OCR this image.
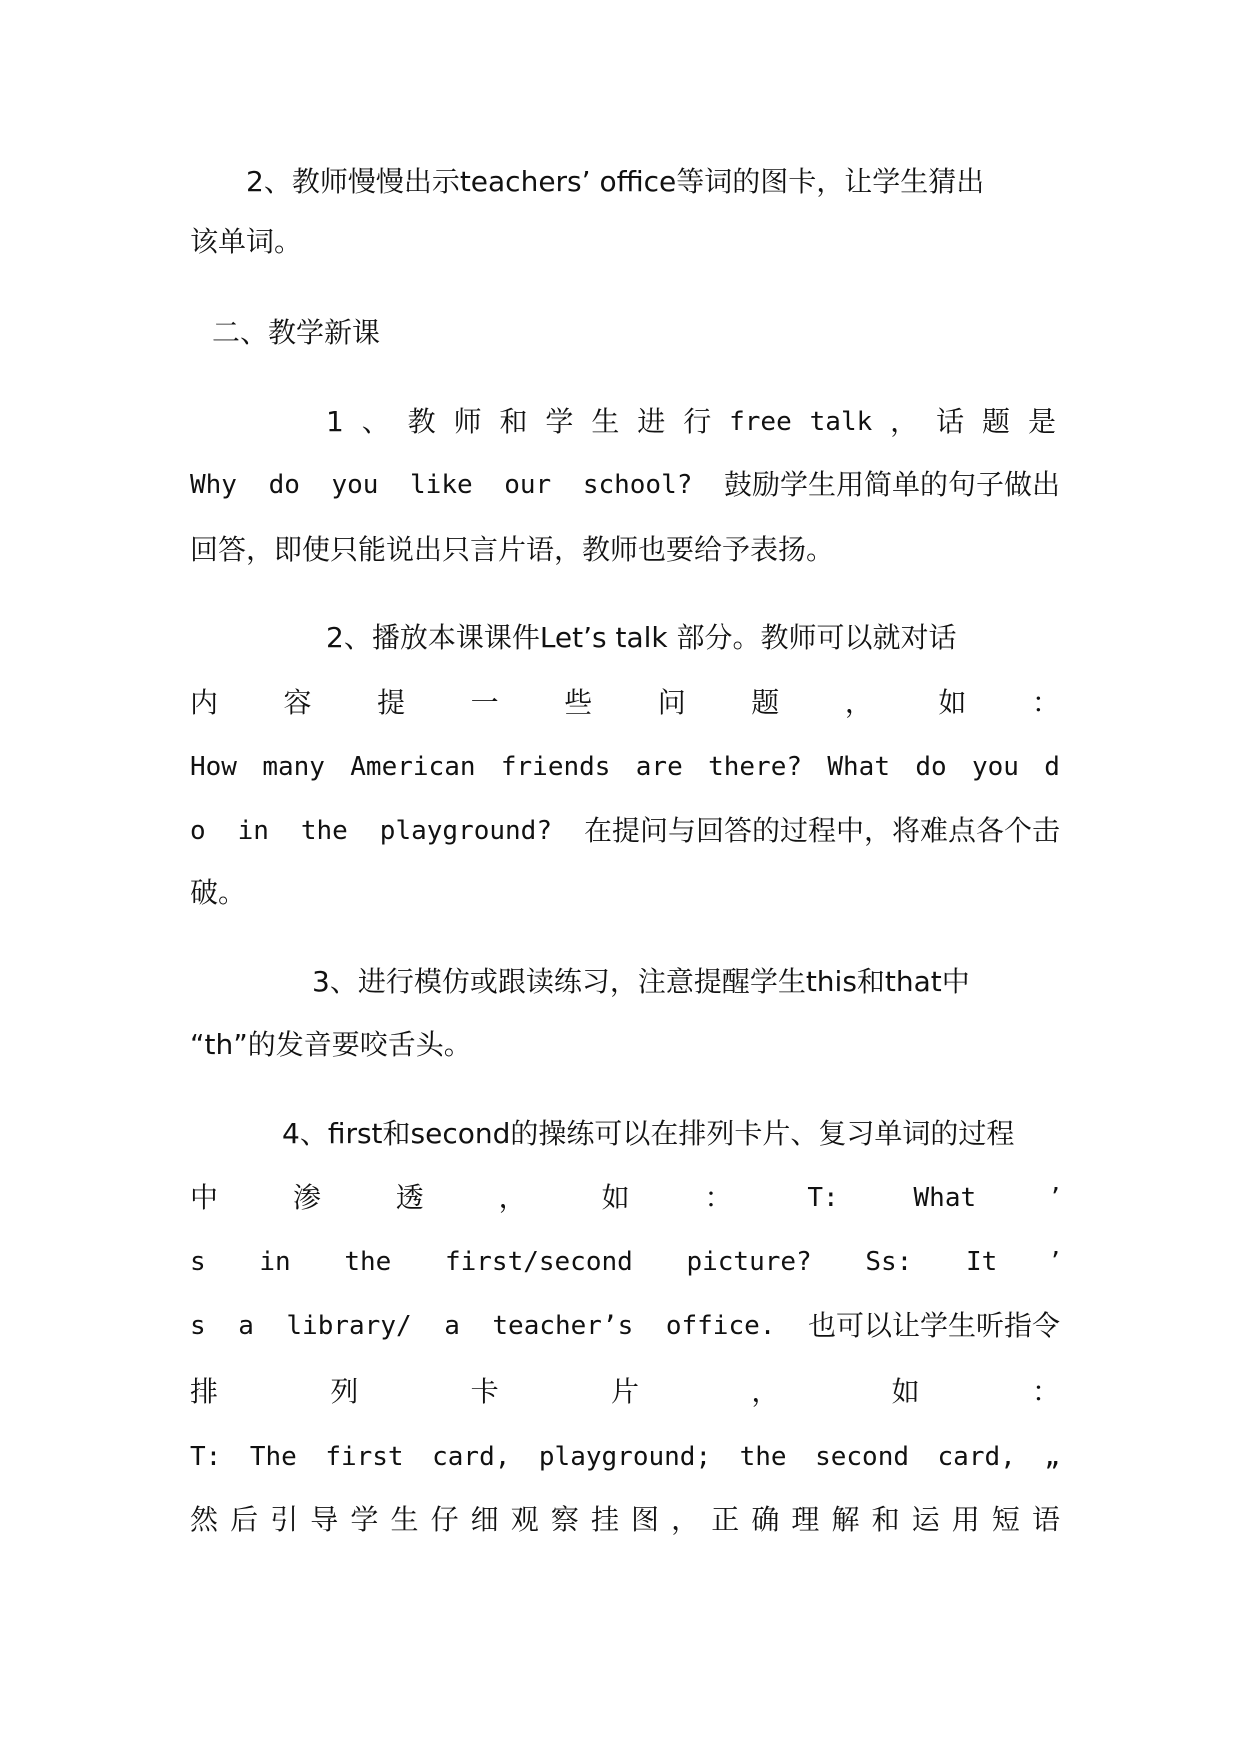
2、教师慢慢出示teachers’ office等词的图卡，让学生猜出
该单词。
二、教学新课
1 、 教 师 和 学 生 进 行 free talk ， 话 题 是
Why do you like our school? 鼓励学生用简单的句子做出
回答，即使只能说出只言片语，教师也要给予表扬。
2、播放本课课件Let’s talk 部分。教师可以就对话
内 容 提 一 些 问 题 ， 如 ：
How many American friends are there? What do you d
o in the playground? 在提问与回答的过程中，将难点各个击
破。
3、进行模仿或跟读练习，注意提醒学生this和that中
“th”的发音要咬舌头。
4、first和second的操练可以在排列卡片、复习单词的过程
中	渗	透	，	如	：	T:	What	’
s in the first/second picture? Ss: It ’
s a library/ a teacher’s office. 也可以让学生听指令
排	列	卡	片	，	如	：
T: The first card, playground; the second card, „
然 后 引 导 学 生 仔 细 观 察 挂 图 ， 正 确 理 解 和 运 用 短 语
